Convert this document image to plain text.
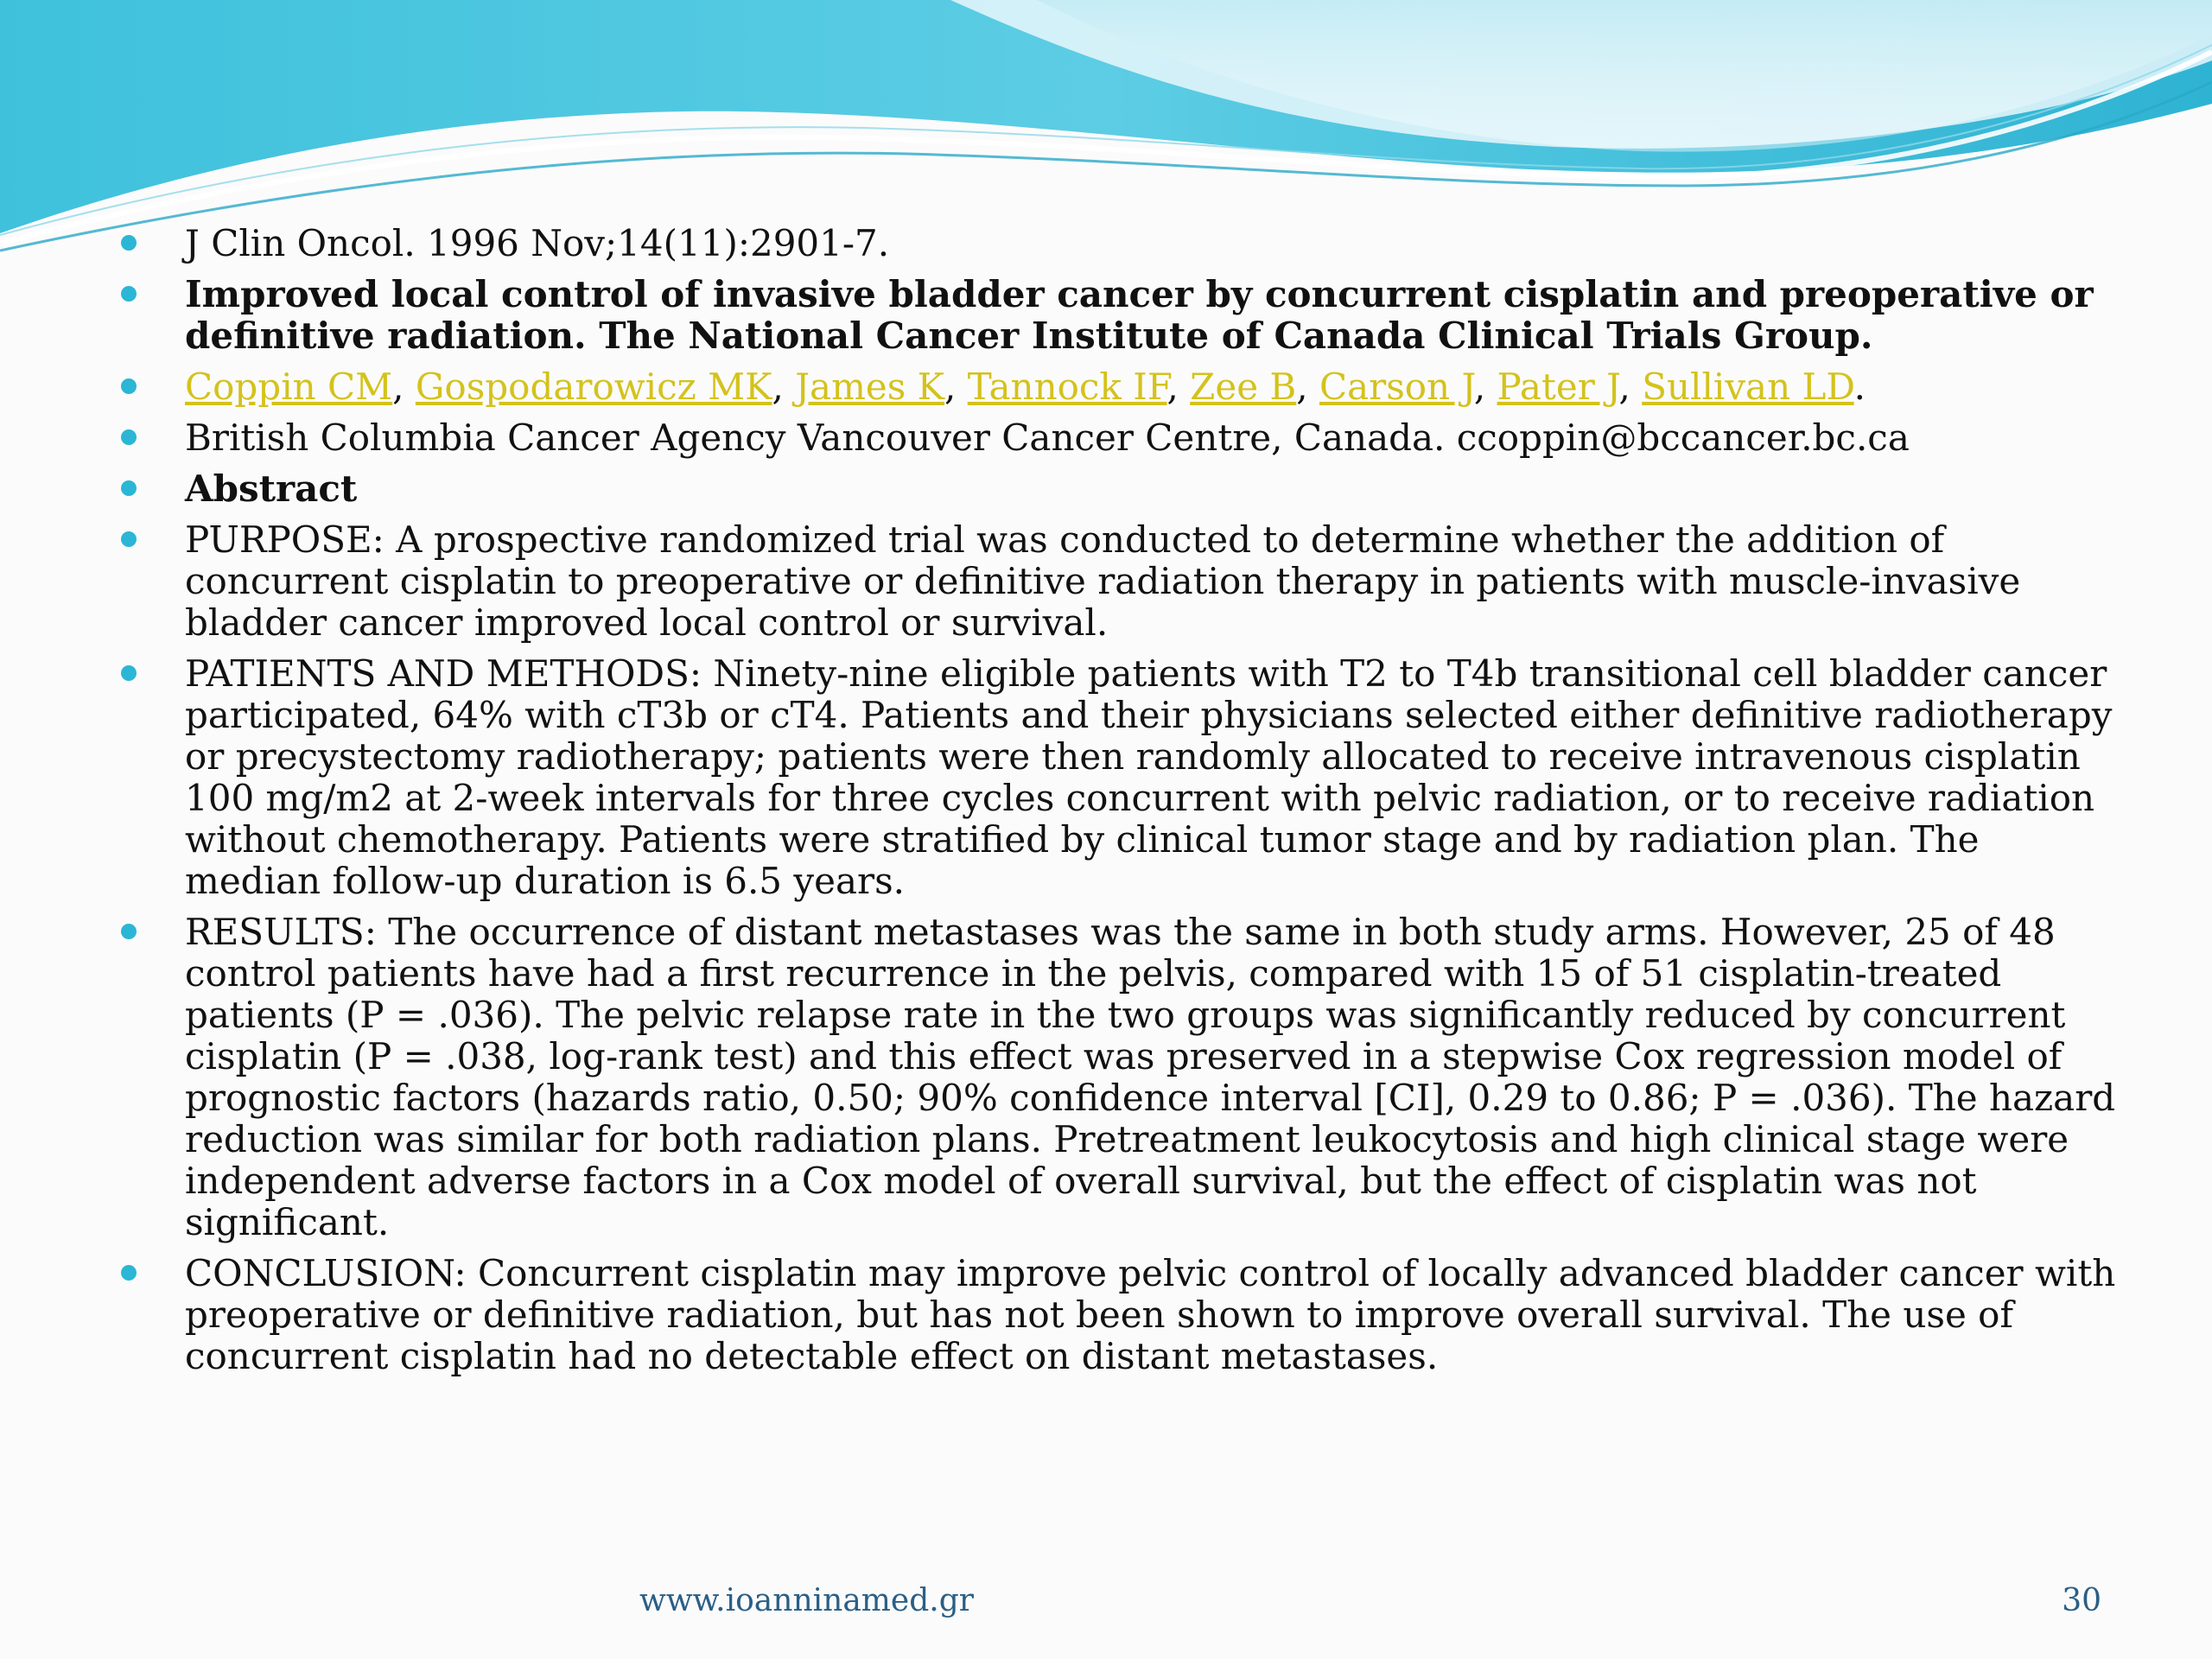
J Clin Oncol. 1996 Nov;14(11):2901-7.
Improved local control of invasive bladder cancer by concurrent cisplatin and preoperative or definitive radiation. The National Cancer Institute of Canada Clinical Trials Group.
Coppin CM, Gospodarowicz MK, James K, Tannock IF, Zee B, Carson J, Pater J, Sullivan LD.
British Columbia Cancer Agency Vancouver Cancer Centre, Canada. ccoppin@bccancer.bc.ca
Abstract
PURPOSE: A prospective randomized trial was conducted to determine whether the addition of concurrent cisplatin to preoperative or definitive radiation therapy in patients with muscle-invasive bladder cancer improved local control or survival.
PATIENTS AND METHODS: Ninety-nine eligible patients with T2 to T4b transitional cell bladder cancer participated, 64% with cT3b or cT4. Patients and their physicians selected either definitive radiotherapy or precystectomy radiotherapy; patients were then randomly allocated to receive intravenous cisplatin 100 mg/m2 at 2-week intervals for three cycles concurrent with pelvic radiation, or to receive radiation without chemotherapy. Patients were stratified by clinical tumor stage and by radiation plan. The median follow-up duration is 6.5 years.
RESULTS: The occurrence of distant metastases was the same in both study arms. However, 25 of 48 control patients have had a first recurrence in the pelvis, compared with 15 of 51 cisplatin-treated patients (P = .036). The pelvic relapse rate in the two groups was significantly reduced by concurrent cisplatin (P = .038, log-rank test) and this effect was preserved in a stepwise Cox regression model of prognostic factors (hazards ratio, 0.50; 90% confidence interval [CI], 0.29 to 0.86; P = .036). The hazard reduction was similar for both radiation plans. Pretreatment leukocytosis and high clinical stage were independent adverse factors in a Cox model of overall survival, but the effect of cisplatin was not significant.
CONCLUSION: Concurrent cisplatin may improve pelvic control of locally advanced bladder cancer with preoperative or definitive radiation, but has not been shown to improve overall survival. The use of concurrent cisplatin had no detectable effect on distant metastases.
www.ioanninamed.gr	30
